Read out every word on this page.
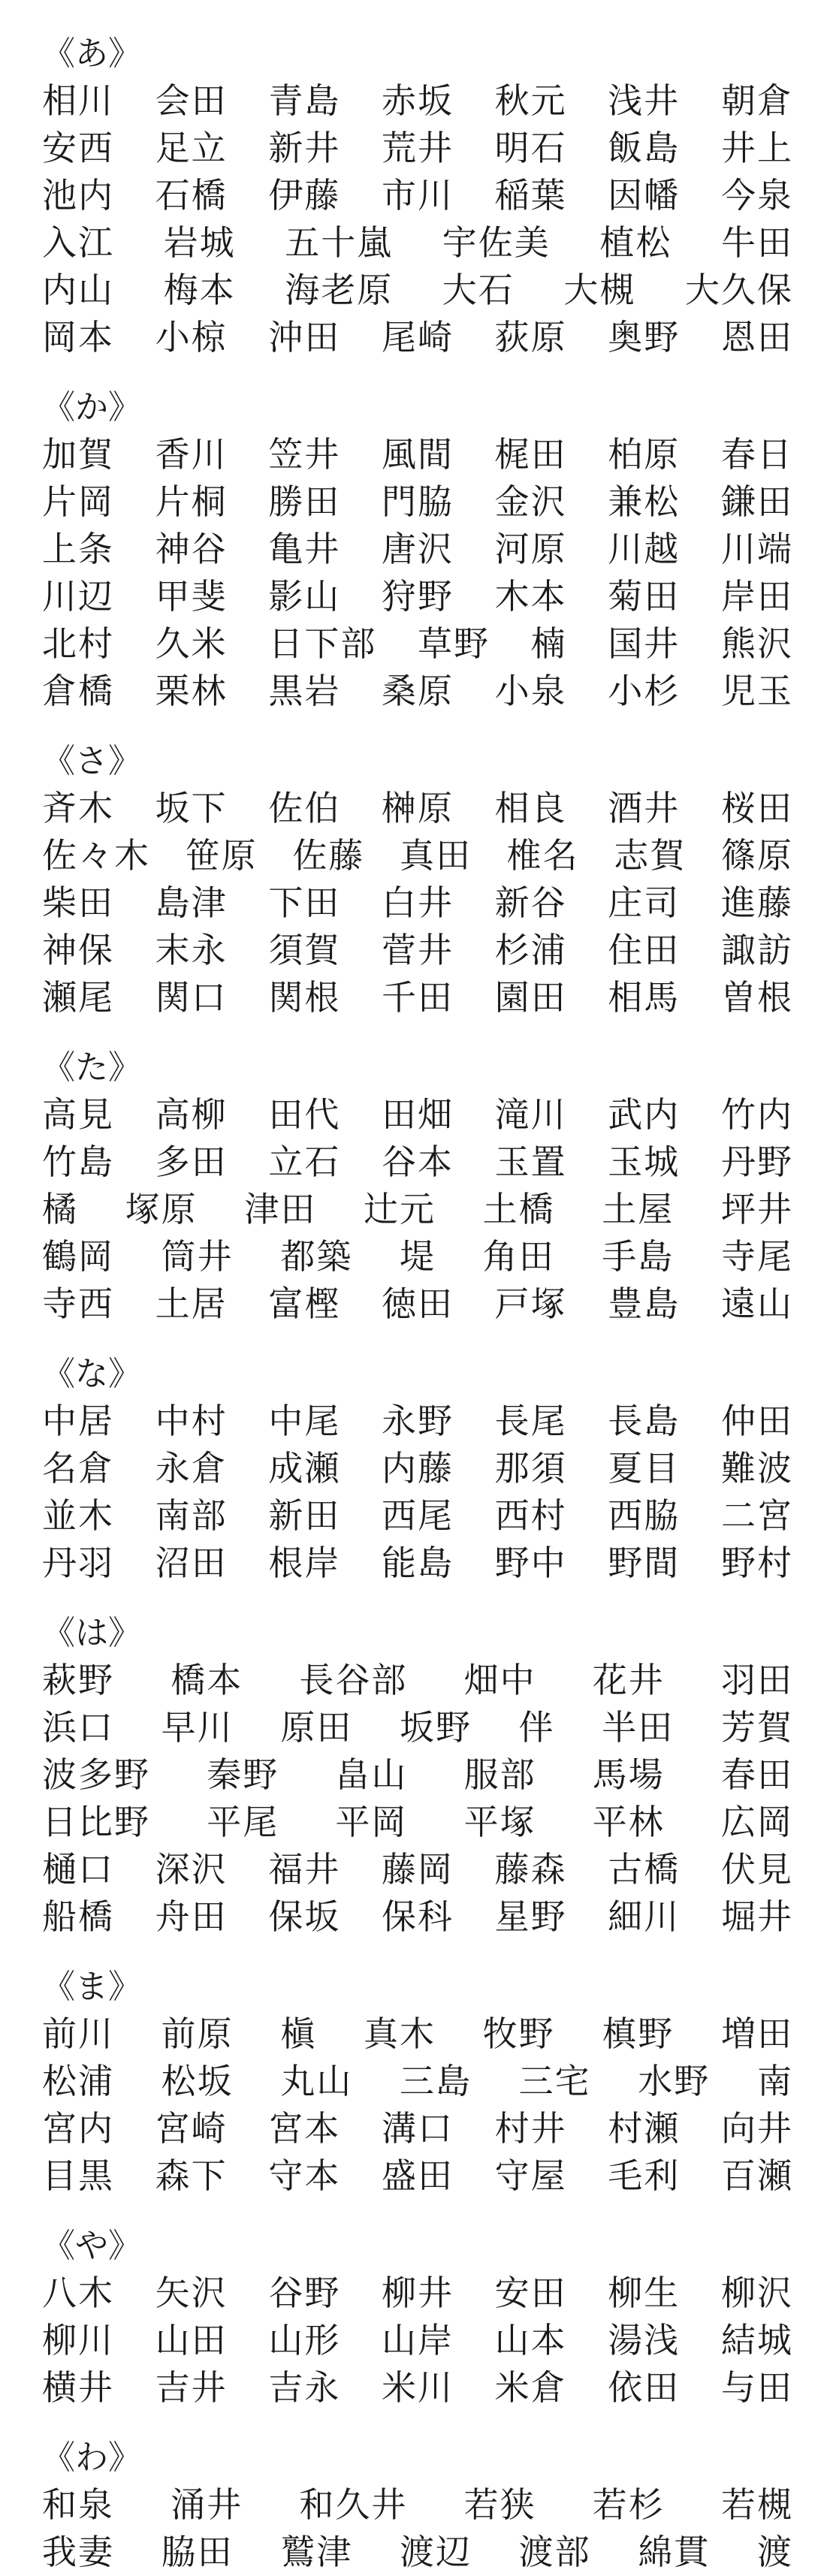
《あ》
相川 会田 青島 赤坂 秋元 浅井 朝倉
安西 足立 新井 荒井 明石 飯島 井上
池内 石橋 伊藤 市川 稲葉 因幡 今泉
入江 岩城 五十嵐 宇佐美 植松 牛田
内山 梅本 海老原 大石 大槻 大久保
岡本 小椋 沖田 尾崎 荻原 奥野 恩田
《か》
加賀 香川 笠井 風間 梶田 柏原 春日
片岡 片桐 勝田 門脇 金沢 兼松 鎌田
上条 神谷 亀井 唐沢 河原 川越 川端
川辺 甲斐 影山 狩野 木本 菊田 岸田
北村 久米 日下部 草野 楠 国井 熊沢
倉橋 栗林 黒岩 桑原 小泉 小杉 児玉
《さ》
斉木 坂下 佐伯 榊原 相良 酒井 桜田
佐々木 笹原 佐藤 真田 椎名 志賀 篠原
柴田 島津 下田 白井 新谷 庄司 進藤
神保 末永 須賀 菅井 杉浦 住田 諏訪
瀬尾 関口 関根 千田 園田 相馬 曽根
《た》
高見 高柳 田代 田畑 滝川 武内 竹内
竹島 多田 立石 谷本 玉置 玉城 丹野
橘 塚原 津田 辻元 土橋 土屋 坪井
鶴岡 筒井 都築 堤 角田 手島 寺尾
寺西 土居 富樫 徳田 戸塚 豊島 遠山
《な》
中居 中村 中尾 永野 長尾 長島 仲田
名倉 永倉 成瀬 内藤 那須 夏目 難波
並木 南部 新田 西尾 西村 西脇 二宮
丹羽 沼田 根岸 能島 野中 野間 野村
《は》
萩野 橋本 長谷部 畑中 花井 羽田
浜口 早川 原田 坂野 伴 半田 芳賀
波多野 秦野 畠山 服部 馬場 春田
日比野 平尾 平岡 平塚 平林 広岡
樋口 深沢 福井 藤岡 藤森 古橋 伏見
船橋 舟田 保坂 保科 星野 細川 堀井
《ま》
前川 前原 槇 真木 牧野 槙野 増田
松浦 松坂 丸山 三島 三宅 水野 南
宮内 宮崎 宮本 溝口 村井 村瀬 向井
目黒 森下 守本 盛田 守屋 毛利 百瀬
《や》
八木 矢沢 谷野 柳井 安田 柳生 柳沢
柳川 山田 山形 山岸 山本 湯浅 結城
横井 吉井 吉永 米川 米倉 依田 与田
《わ》
和泉 涌井 和久井 若狭 若杉 若槻
我妻 脇田 鷲津 渡辺 渡部 綿貫 渡
